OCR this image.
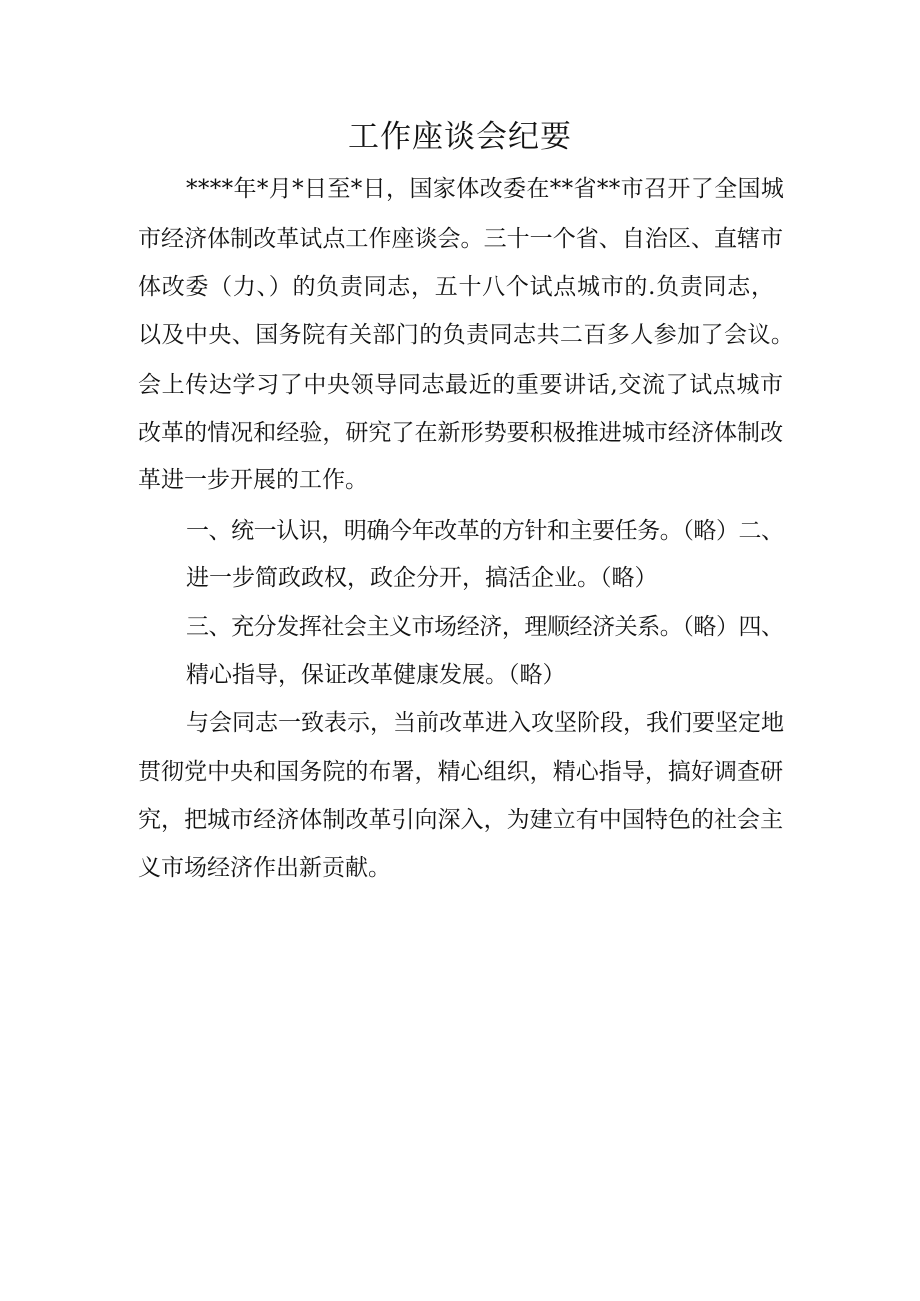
工作座谈会纪要

****年*月*日至*日，国家体改委在**省**市召开了全国城

市经济体制改革试点工作座谈会。三十一个省、自治区、直辖市

体改委（力、）的负责同志，五十八个试点城市的.负责同志，

以及中央、国务院有关部门的负责同志共二百多人参加了会议。

会上传达学习了中央领导同志最近的重要讲话,交流了试点城市

改革的情况和经验，研究了在新形势要积极推进城市经济体制改

革进一步开展的工作。

一、统一认识，明确今年改革的方针和主要任务。（略）二、

进一步简政政权，政企分开，搞活企业。（略）

三、充分发挥社会主义市场经济，理顺经济关系。（略）四、

精心指导，保证改革健康发展。（略）

与会同志一致表示，当前改革进入攻坚阶段，我们要坚定地

贯彻党中央和国务院的布署，精心组织，精心指导，搞好调查研

究，把城市经济体制改革引向深入，为建立有中国特色的社会主

义市场经济作出新贡献。
